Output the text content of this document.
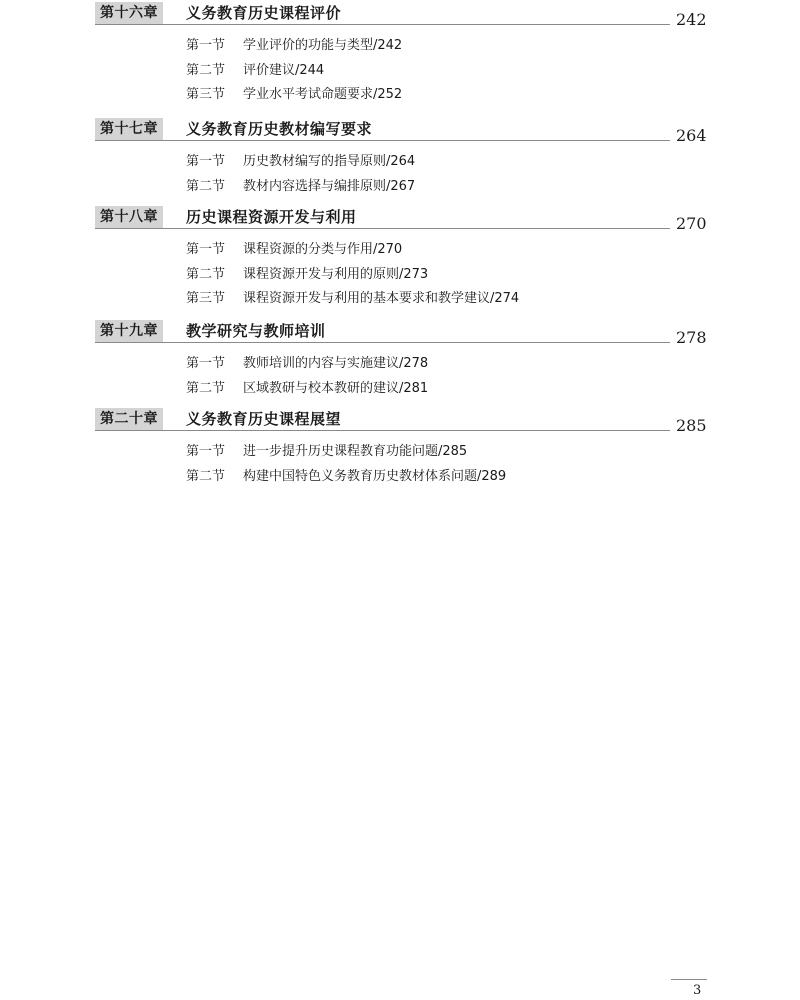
第十六章	义务教育历史课程评价	242
第一节 学业评价的功能与类型/242
第二节 评价建议/244
第三节 学业水平考试命题要求/252
第十七章	义务教育历史教材编写要求	264
第一节 历史教材编写的指导原则/264
第二节 教材内容选择与编排原则/267
第十八章	历史课程资源开发与利用	270
第一节 课程资源的分类与作用/270
第二节 课程资源开发与利用的原则/273
第三节 课程资源开发与利用的基本要求和教学建议/274
第十九章	教学研究与教师培训	278
第一节 教师培训的内容与实施建议/278
第二节 区域教研与校本教研的建议/281
第二十章	义务教育历史课程展望	285
第一节 进一步提升历史课程教育功能问题/285
第二节 构建中国特色义务教育历史教材体系问题/289
3
